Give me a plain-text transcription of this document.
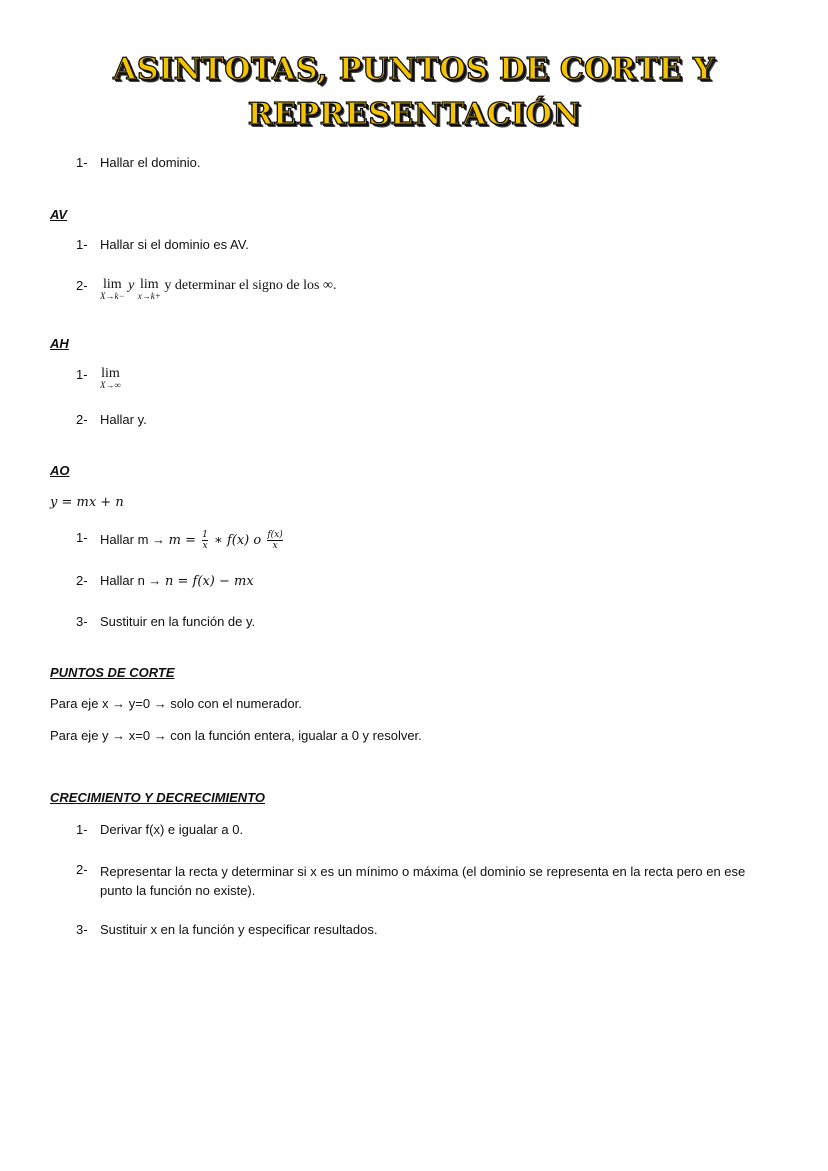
ASINTOTAS, PUNTOS DE CORTE Y
REPRESENTACIÓN
1- Hallar el dominio.
AV
1- Hallar si el dominio es AV.
2- lim
X→k−
y lim
x→k+
y determinar el signo de los ∞.
AH
1- lim
X→∞
2- Hallar y.
AO
y = mx + n
1- Hallar $m \to m = \frac{1}{x}$ ∗ f(x) o $\frac{f(x)}{x}$
2- Hallar n → n = f(x) − mx
3- Sustituir en la función de y.
PUNTOS DE CORTE
Para eje x → y=0 → solo con el numerador.
Para eje y → x=0 → con la función entera, igualar a 0 y resolver.
CRECIMIENTO Y DECRECIMIENTO
1- Derivar f(x) e igualar a 0.
2- Representar la recta y determinar si x es un mínimo o máxima (el dominio se representa en la recta pero en ese punto la función no existe).
3- Sustituir x en la función y especificar resultados.
